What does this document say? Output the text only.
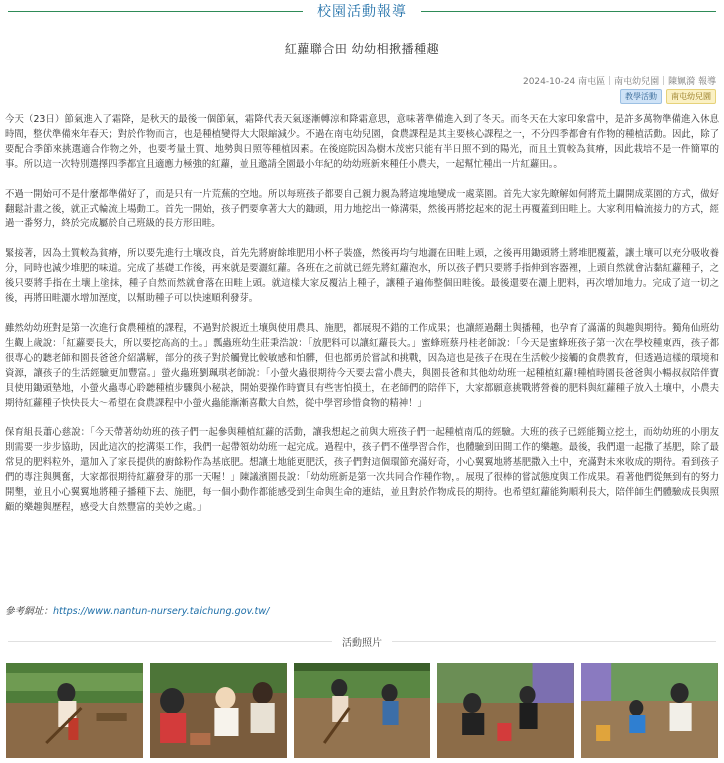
校園活動報導
紅蘿聯合田 幼幼相揪播種趣
2024-10-24 南屯區｜南屯幼兒園｜陳姵漪 報導
教學活動	南屯幼兒園

今天（23日）節氣進入了霜降，是秋天的最後一個節氣，霜降代表天氣逐漸轉涼和降霜意思，意味著準備進入到了冬天。而冬天在大家印象當中，是許多萬物準備進入休息時間，整伏準備來年春天；對於作物而言，也是種植變得大大限縮減少。不過在南屯幼兒園，食農課程是其主要核心課程之一，不分四季都會有作物的種植活動。因此，除了要配合季節來挑選適合作物之外，也要考量土質、地勢與日照等種植因素。在後庭院因為樹木茂密只能有半日照不到的陽光，而且土質較為貧瘠，因此栽培不是一件簡單的事。所以這一次特別選擇四季都宜且適應力極強的紅蘿，並且邀請全園最小年紀的幼幼班新來種任小農夫，一起幫忙種出一片紅蘿田。。

不過一開始可不是什麼都準備好了，而是只有一片荒蕪的空地。所以每班孩子都要自己親力親為將這塊地變成一處菜園。首先大家先瞭解如何將荒土闢開成菜園的方式，做好翻鬆計畫之後，就正式輪流上場動工。首先一開始，孩子們要拿著大大的鋤頭，用力地挖出一條溝渠，然後再將挖起來的泥土再覆蓋到田畦上。大家利用輪流接力的方式，經過一番努力，終於完成屬於自己班級的長方形田畦。

緊接著，因為土質較為貧瘠，所以要先進行土壤改良，首先先將廚餘堆肥用小杯子裝盛，然後再均勻地灑在田畦上頭，之後再用鋤頭將土將堆肥覆蓋，讓土壤可以充分吸收養分，同時也減少堆肥的味道。完成了基礎工作後，再來就是要灑紅蘿。各班在之前就已經先將紅蘿泡水，所以孩子們只要將手指伸到容器裡，上頭自然就會沾黏紅蘿種子，之後只要將手指在土壤上塗抹，種子自然而然就會落在田畦上頭。就這樣大家反覆沾上種子，讓種子遍佈整個田畦後。最後還要在灑上肥料，再次增加地力。完成了這一切之後，再將田畦灑水增加溼度，以幫助種子可以快速順利發芽。

雖然幼幼班對是第一次進行食農種植的課程，不過對於親近土壤與使用農具、施肥，都展現不錯的工作成果；也讓經過翻土與播種，也孕育了滿滿的與趣與期待。獨角仙班幼生觀上歲說：「紅蘿要長大，所以要挖高高的土。」瓢蟲班幼生莊秉浩說：「放肥料可以讓紅蘿長大。」蜜蜂班蔡丹桂老師說：「今天是蜜蜂班孩子第一次在學校種東西，孩子都很專心的聽老師和園長爸爸介紹講解，部分的孩子對於觸覺比較敏感和怕髒，但也都勇於嘗試和挑戰，因為這也是孩子在現在生活較少接觸的食農教育，但透過這樣的環境和資源，讓孩子的生活經驗更加豐富。」螢火蟲班劉珮琪老師說：「小螢火蟲很期待今天要去當小農夫，與園長爸和其他幼幼班一起種植紅蘿!種植時園長爸爸與小暢叔叔陪伴寶貝使用鋤頭墊地，小螢火蟲專心聆聽種植步驟與小秘訣，開始要操作時寶貝有些害怕摸土，在老師們的陪伴下，大家都願意挑戰將營養的肥料與紅蘿種子放入土壤中，小農夫期待紅蘿種子快快長大～希望在食農課程中小螢火蟲能漸漸喜歡大自然，從中學習珍惜食物的精神！」

保育組長蕭心慈說：「今天帶著幼幼班的孩子們一起參與種植紅蘿的活動，讓我想起之前與大班孩子們一起種植南瓜的經驗。大班的孩子已經能獨立挖土，而幼幼班的小朋友則需要一步步協助，因此這次的挖溝渠工作，我們一起帶領幼幼班一起完成。過程中，孩子們不僅學習合作，也體驗到田間工作的樂趣。最後，我們還一起撒了基肥，除了最常見的肥料粒外，還加入了家長提供的廚餘粉作為基底肥。想讓土地能更肥沃，孩子們對這個環節充滿好奇，小心翼翼地將基肥撒入土中，充滿對未來收成的期待。看到孩子們的專注與興奮，大家都很期待紅蘿發芽的那一天喔！」陳議濱園長說：「幼幼班新是第一次共同合作種作物，。展現了很棒的嘗試態度與工作成果。看著他們從無到有的努力開墾，並且小心翼翼地將種子播種下去、施肥，每一個小動作都能感受到生命與生命的連結，並且對於作物成長的期待。也希望紅蘿能夠順利長大，陪伴師生們體驗成長與照顧的樂趣與歷程，感受大自然豐富的美妙之處。」

參考網址：https://www.nantun-nursery.taichung.gov.tw/
活動照片
